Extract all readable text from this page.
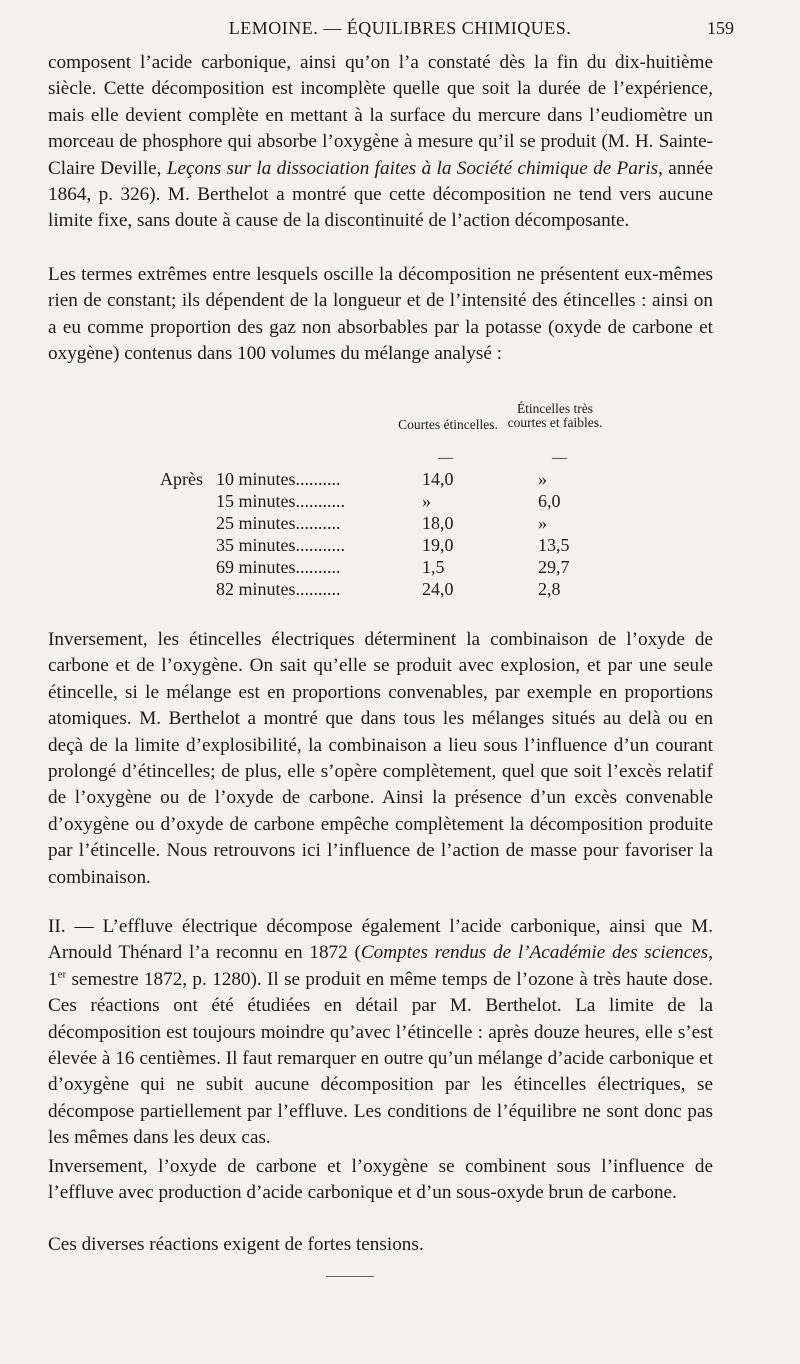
LEMOINE. — ÉQUILIBRES CHIMIQUES.	159

composent l’acide carbonique, ainsi qu’on l’a constaté dès la fin du dix-huitième siècle. Cette décomposition est incomplète quelle que soit la durée de l’expérience, mais elle devient complète en mettant à la surface du mercure dans l’eudiomètre un morceau de phosphore qui absorbe l’oxygène à mesure qu’il se produit (M. H. Sainte-Claire Deville, Leçons sur la dissociation faites à la Société chimique de Paris, année 1864, p. 326). M. Berthelot a montré que cette décomposition ne tend vers aucune limite fixe, sans doute à cause de la discontinuité de l’action décomposante.

Les termes extrêmes entre lesquels oscille la décomposition ne présentent eux-mêmes rien de constant; ils dépendent de la longueur et de l’intensité des étincelles : ainsi on a eu comme proportion des gaz non absorbables par la potasse (oxyde de carbone et oxygène) contenus dans 100 volumes du mélange analysé :

Courtes étincelles.
Étincelles très courtes et faibles.
—	—
Après 10 minutes..........	14,0	»
15 minutes...........	»	6,0
25 minutes..........	18,0	»
35 minutes...........	19,0	13,5
69 minutes..........	1,5	29,7
82 minutes..........	24,0	2,8

Inversement, les étincelles électriques déterminent la combinaison de l’oxyde de carbone et de l’oxygène. On sait qu’elle se produit avec explosion, et par une seule étincelle, si le mélange est en proportions convenables, par exemple en proportions atomiques. M. Berthelot a montré que dans tous les mélanges situés au delà ou en deçà de la limite d’explosibilité, la combinaison a lieu sous l’influence d’un courant prolongé d’étincelles; de plus, elle s’opère complètement, quel que soit l’excès relatif de l’oxygène ou de l’oxyde de carbone. Ainsi la présence d’un excès convenable d’oxygène ou d’oxyde de carbone empêche complètement la décomposition produite par l’étincelle. Nous retrouvons ici l’influence de l’action de masse pour favoriser la combinaison.

II. — L’effluve électrique décompose également l’acide carbonique, ainsi que M. Arnould Thénard l’a reconnu en 1872 (Comptes rendus de l’Académie des sciences, 1er semestre 1872, p. 1280). Il se produit en même temps de l’ozone à très haute dose. Ces réactions ont été étudiées en détail par M. Berthelot. La limite de la décomposition est toujours moindre qu’avec l’étincelle : après douze heures, elle s’est élevée à 16 centièmes. Il faut remarquer en outre qu’un mélange d’acide carbonique et d’oxygène qui ne subit aucune décomposition par les étincelles électriques, se décompose partiellement par l’effluve. Les conditions de l’équilibre ne sont donc pas les mêmes dans les deux cas.

Inversement, l’oxyde de carbone et l’oxygène se combinent sous l’influence de l’effluve avec production d’acide carbonique et d’un sous-oxyde brun de carbone.

Ces diverses réactions exigent de fortes tensions.
